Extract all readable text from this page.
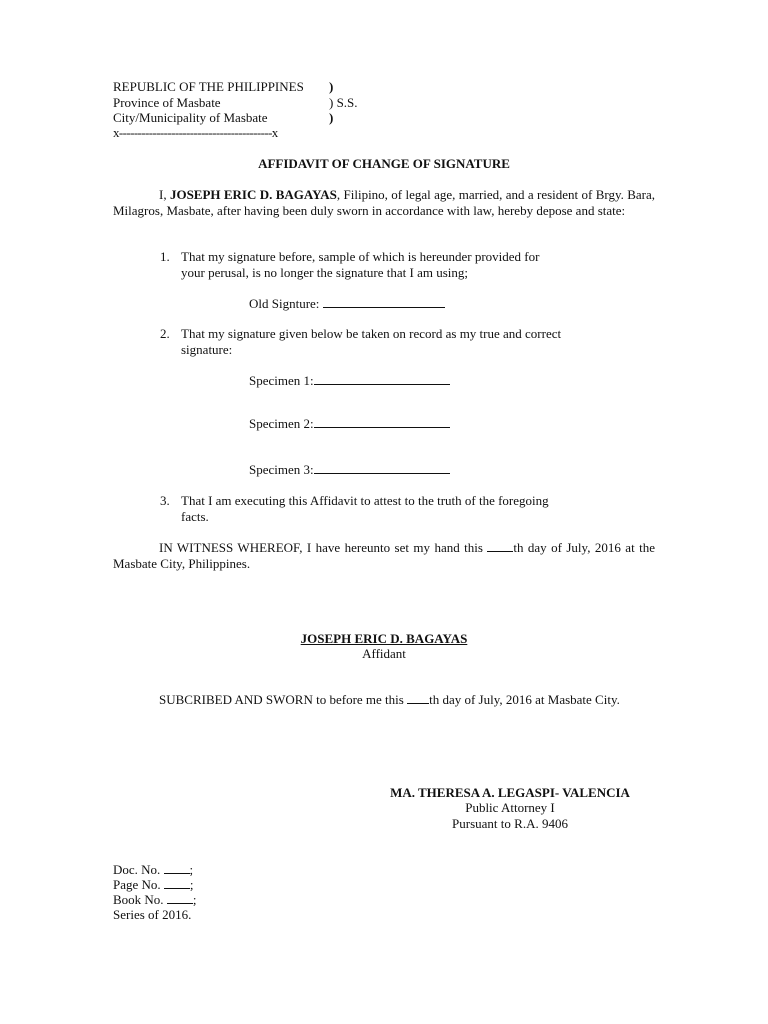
REPUBLIC OF THE PHILIPPINES )
Province of Masbate	) S.S.
City/Municipality of Masbate	)
x-----------------------------------------x
AFFIDAVIT OF CHANGE OF SIGNATURE
I, JOSEPH ERIC D. BAGAYAS, Filipino, of legal age, married, and a resident of Brgy. Bara, Milagros, Masbate, after having been duly sworn in accordance with law, hereby depose and state:
1. That my signature before, sample of which is hereunder provided for
your perusal, is no longer the signature that I am using;
Old Signture:
2. That my signature given below be taken on record as my true and correct
signature:
Specimen 1:
Specimen 2:
Specimen 3:
3. That I am executing this Affidavit to attest to the truth of the foregoing
facts.
IN WITNESS WHEREOF, I have hereunto set my hand this th day of July, 2016 at the Masbate City, Philippines.
JOSEPH ERIC D. BAGAYAS
Affidant
SUBCRIBED AND SWORN to before me this th day of July, 2016 at Masbate City.
MA. THERESA A. LEGASPI- VALENCIA
Public Attorney I
Pursuant to R.A. 9406
Doc. No. ;
Page No. ;
Book No. ;
Series of 2016.
